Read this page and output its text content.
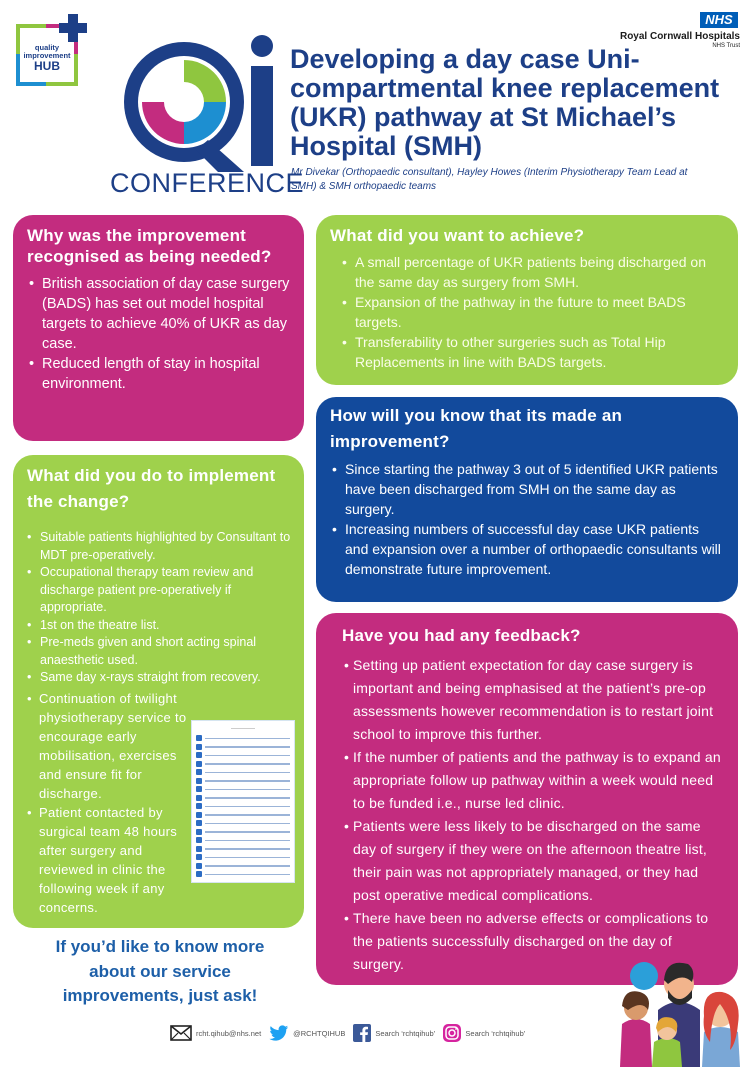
quality
improvement
HUB
CONFERENCE
Developing a day case Uni-compartmental knee replacement (UKR) pathway at St Michael’s Hospital (SMH)
Mr Divekar (Orthopaedic consultant), Hayley Howes (Interim Physiotherapy Team Lead at SMH) & SMH orthopaedic teams
NHS
Royal Cornwall Hospitals
NHS Trust
Why was the improvement recognised as being needed?
• British association of day case surgery (BADS) has set out model hospital targets to achieve 40% of UKR as day case.
• Reduced length of stay in hospital environment.
What did you want to achieve?
• A small percentage of UKR patients being discharged on the same day as surgery from SMH.
• Expansion of the pathway in the future to meet BADS targets.
• Transferability to other surgeries such as Total Hip Replacements in line with BADS targets.
How will you know that its made an improvement?
• Since starting the pathway 3 out of 5 identified UKR patients have been discharged from SMH on the same day as surgery.
• Increasing numbers of successful day case UKR patients and expansion over a number of orthopaedic consultants will demonstrate future improvement.
What did you do to implement the change?
• Suitable patients highlighted by Consultant to MDT pre-operatively.
• Occupational therapy team review and discharge patient pre-operatively if appropriate.
• 1st on the theatre list.
• Pre-meds given and short acting spinal anaesthetic used.
• Same day x-rays straight from recovery.
• Continuation of twilight physiotherapy service to encourage early mobilisation, exercises and ensure fit for discharge.
• Patient contacted by surgical team 48 hours after surgery and reviewed in clinic the following week if any concerns.
——————
Have you had any feedback?
• Setting up patient expectation for day case surgery is important and being emphasised at the patient’s pre-op assessments however recommendation is to restart joint school to improve this further.
• If the number of patients and the pathway is to expand an appropriate follow up pathway within a week would need to be funded i.e., nurse led clinic.
• Patients were less likely to be discharged on the same day of surgery if they were on the afternoon theatre list, their pain was not appropriately managed, or they had post operative medical complications.
• There have been no adverse effects or complications to the patients successfully discharged on the day of surgery.
If you’d like to know more about our service improvements, just ask!
rcht.qihub@nhs.net	@RCHTQIHUB	Search ‘rchtqihub’	Search ‘rchtqihub’
